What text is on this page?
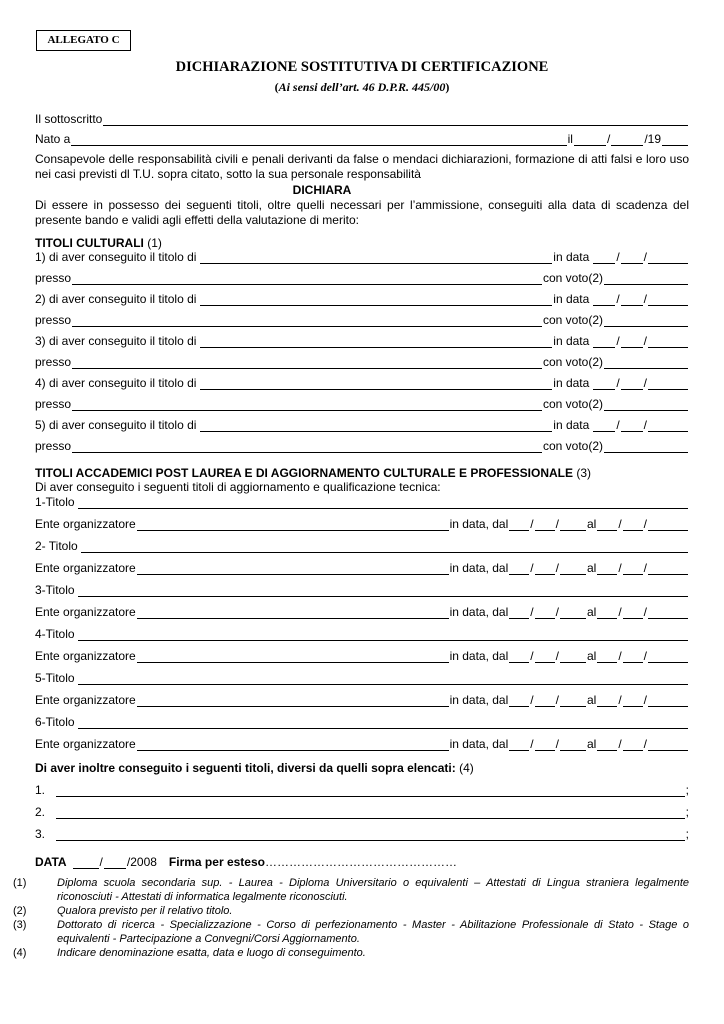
ALLEGATO C
DICHIARAZIONE SOSTITUTIVA DI CERTIFICAZIONE
(Ai sensi dell’art. 46 D.P.R. 445/00)
Il sottoscritto
Nato a	il	/	/19
Consapevole delle responsabilità civili e penali derivanti da false o mendaci dichiarazioni, formazione di atti falsi e loro uso nei casi previsti dl T.U. sopra citato, sotto la sua personale responsabilità
DICHIARA
Di essere in possesso dei seguenti titoli, oltre quelli necessari per l’ammissione, conseguiti alla data di scadenza del presente bando e validi agli effetti della valutazione di merito:
TITOLI CULTURALI (1)
1) di aver conseguito il titolo di	in data / /
presso	con voto(2)
2) di aver conseguito il titolo di	in data / /
presso	con voto(2)
3) di aver conseguito il titolo di	in data / /
presso	con voto(2)
4) di aver conseguito il titolo di	in data / /
presso	con voto(2)
5) di aver conseguito il titolo di	in data / /
presso	con voto(2)
TITOLI ACCADEMICI POST LAUREA E DI AGGIORNAMENTO CULTURALE E PROFESSIONALE (3)
Di aver conseguito i seguenti titoli di aggiornamento e qualificazione tecnica:
1-Titolo
Ente organizzatore	in data, dal / / al / /
2- Titolo
Ente organizzatore	in data, dal / / al / /
3-Titolo
Ente organizzatore	in data, dal / / al / /
4-Titolo
Ente organizzatore	in data, dal / / al / /
5-Titolo
Ente organizzatore	in data, dal / / al / /
6-Titolo
Ente organizzatore	in data, dal / / al / /
Di aver inoltre conseguito i seguenti titoli, diversi da quelli sopra elencati: (4)
1.	;
2.	;
3.	;
DATA	/ /2008 Firma per esteso …………………………………………
(1)	Diploma scuola secondaria sup. - Laurea - Diploma Universitario o equivalenti – Attestati di Lingua straniera legalmente riconosciuti - Attestati di informatica legalmente riconosciuti.
(2)	Qualora previsto per il relativo titolo.
(3)	Dottorato di ricerca - Specializzazione - Corso di perfezionamento - Master - Abilitazione Professionale di Stato - Stage o equivalenti - Partecipazione a Convegni/Corsi Aggiornamento.
(4)	Indicare denominazione esatta, data e luogo di conseguimento.
